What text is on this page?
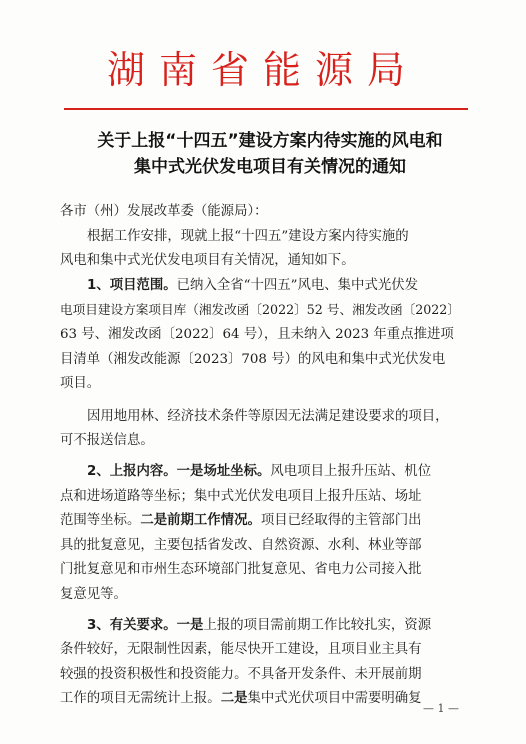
湖南省能源局
关于上报“十四五”建设方案内待实施的风电和
集中式光伏发电项目有关情况的通知
各市（州）发展改革委（能源局）：
根据工作安排，现就上报“十四五”建设方案内待实施的
风电和集中式光伏发电项目有关情况，通知如下。
1、项目范围。已纳入全省“十四五”风电、集中式光伏发
电项目建设方案项目库（湘发改函〔2022〕52 号、湘发改函〔2022〕
63 号、湘发改函〔2022〕64 号），且未纳入 2023 年重点推进项
目清单（湘发改能源〔2023〕708 号）的风电和集中式光伏发电
项目。
因用地用林、经济技术条件等原因无法满足建设要求的项目，
可不报送信息。
2、上报内容。一是场址坐标。风电项目上报升压站、机位
点和进场道路等坐标；集中式光伏发电项目上报升压站、场址
范围等坐标。二是前期工作情况。项目已经取得的主管部门出
具的批复意见，主要包括省发改、自然资源、水利、林业等部
门批复意见和市州生态环境部门批复意见、省电力公司接入批
复意见等。
3、有关要求。一是上报的项目需前期工作比较扎实，资源
条件较好，无限制性因素，能尽快开工建设，且项目业主具有
较强的投资积极性和投资能力。不具备开发条件、未开展前期
工作的项目无需统计上报。二是集中式光伏项目中需要明确复
— 1 —
